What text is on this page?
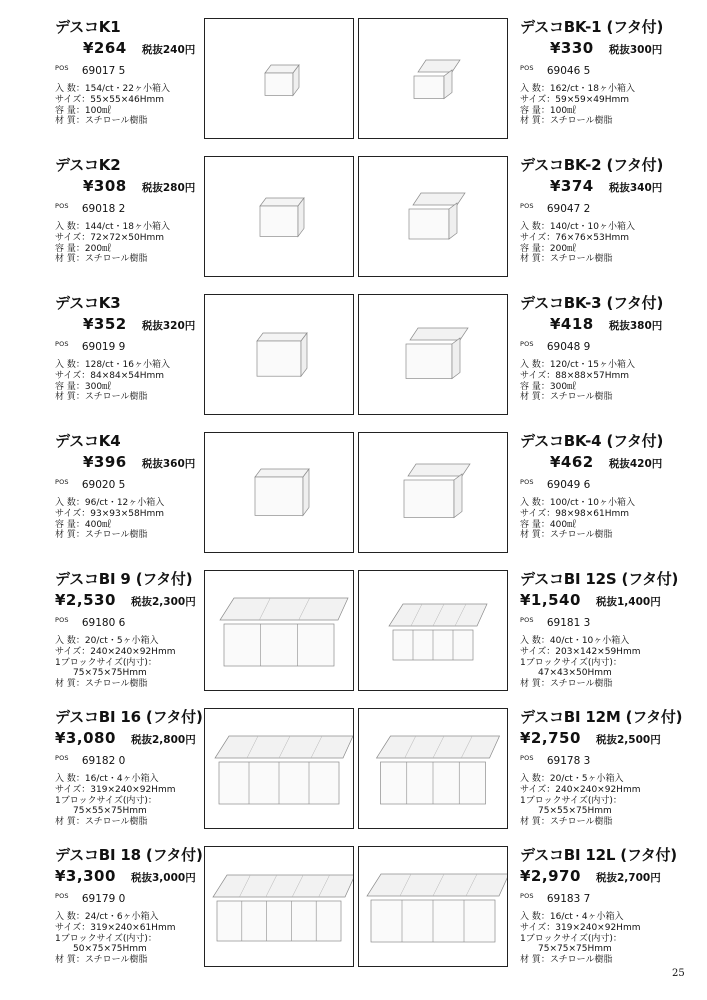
デスコK1
¥264 税抜240円
$^{POS}$ 69017 5
入 数：154/ct・22ヶ小箱入
サイズ：55×55×46Hmm
容 量：100㎖
材 質：スチロール樹脂
デスコBK-1 (フタ付)
¥330 税抜300円
$^{POS}$ 69046 5
入 数：162/ct・18ヶ小箱入
サイズ：59×59×49Hmm
容 量：100㎖
材 質：スチロール樹脂
デスコK2
¥308 税抜280円
$^{POS}$ 69018 2
入 数：144/ct・18ヶ小箱入
サイズ：72×72×50Hmm
容 量：200㎖
材 質：スチロール樹脂
デスコBK-2 (フタ付)
¥374 税抜340円
$^{POS}$ 69047 2
入 数：140/ct・10ヶ小箱入
サイズ：76×76×53Hmm
容 量：200㎖
材 質：スチロール樹脂
デスコK3
¥352 税抜320円
$^{POS}$ 69019 9
入 数：128/ct・16ヶ小箱入
サイズ：84×84×54Hmm
容 量：300㎖
材 質：スチロール樹脂
デスコBK-3 (フタ付)
¥418 税抜380円
$^{POS}$ 69048 9
入 数：120/ct・15ヶ小箱入
サイズ：88×88×57Hmm
容 量：300㎖
材 質：スチロール樹脂
デスコK4
¥396 税抜360円
$^{POS}$ 69020 5
入 数：96/ct・12ヶ小箱入
サイズ：93×93×58Hmm
容 量：400㎖
材 質：スチロール樹脂
デスコBK-4 (フタ付)
¥462 税抜420円
$^{POS}$ 69049 6
入 数：100/ct・10ヶ小箱入
サイズ：98×98×61Hmm
容 量：400㎖
材 質：スチロール樹脂
デスコBI 9 (フタ付)
¥2,530 税抜2,300円
$^{POS}$ 69180 6
入 数：20/ct・5ヶ小箱入
サイズ：240×240×92Hmm
1ブロックサイズ(内寸)：
　　75×75×75Hmm
材 質：スチロール樹脂
デスコBI 12S (フタ付)
¥1,540 税抜1,400円
$^{POS}$ 69181 3
入 数：40/ct・10ヶ小箱入
サイズ：203×142×59Hmm
1ブロックサイズ(内寸)：
　　47×43×50Hmm
材 質：スチロール樹脂
デスコBI 16 (フタ付)
¥3,080 税抜2,800円
$^{POS}$ 69182 0
入 数：16/ct・4ヶ小箱入
サイズ：319×240×92Hmm
1ブロックサイズ(内寸)：
　　75×55×75Hmm
材 質：スチロール樹脂
デスコBI 12M (フタ付)
¥2,750 税抜2,500円
$^{POS}$ 69178 3
入 数：20/ct・5ヶ小箱入
サイズ：240×240×92Hmm
1ブロックサイズ(内寸)：
　　75×55×75Hmm
材 質：スチロール樹脂
デスコBI 18 (フタ付)
¥3,300 税抜3,000円
$^{POS}$ 69179 0
入 数：24/ct・6ヶ小箱入
サイズ：319×240×61Hmm
1ブロックサイズ(内寸)：
　　50×75×75Hmm
材 質：スチロール樹脂
デスコBI 12L (フタ付)
¥2,970 税抜2,700円
$^{POS}$ 69183 7
入 数：16/ct・4ヶ小箱入
サイズ：319×240×92Hmm
1ブロックサイズ(内寸)：
　　75×75×75Hmm
材 質：スチロール樹脂
25
